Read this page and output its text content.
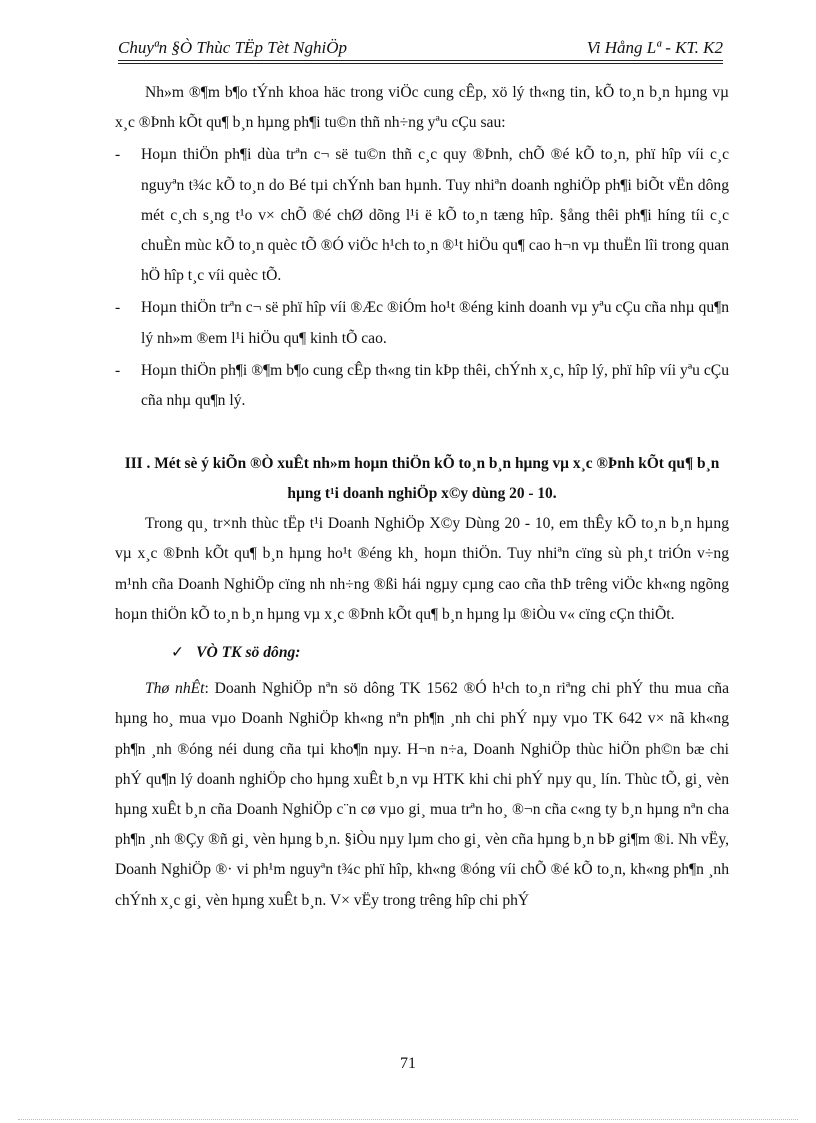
Chuyªn §Ò Thùc TËp Tèt NghiÖp	Vi Hång Lª - KT. K2

Nh»m ®¶m b¶o tÝnh khoa häc trong viÖc cung cÊp, xö lý th«ng tin, kÕ to¸n b¸n hµng vµ x¸c ®Þnh kÕt qu¶ b¸n hµng ph¶i tu©n thñ nh÷ng yªu cÇu sau:

- Hoµn thiÖn ph¶i dùa trªn c¬ së tu©n thñ c¸c quy ®Þnh, chÕ ®é kÕ to¸n, phï hîp víi c¸c nguyªn t¾c kÕ to¸n do Bé tµi chÝnh ban hµnh. Tuy nhiªn doanh nghiÖp ph¶i biÕt vËn dông mét c¸ch s¸ng t¹o v× chÕ ®é chØ dõng l¹i ë kÕ to¸n tæng hîp. §ång thêi ph¶i híng tíi c¸c chuÈn mùc kÕ to¸n quèc tÕ ®Ó viÖc h¹ch to¸n ®¹t hiÖu qu¶ cao h¬n vµ thuËn lîi trong quan hÖ hîp t¸c víi quèc tÕ.

- Hoµn thiÖn trªn c¬ së phï hîp víi ®Æc ®iÓm ho¹t ®éng kinh doanh vµ yªu cÇu cña nhµ qu¶n lý nh»m ®em l¹i hiÖu qu¶ kinh tÕ cao.

- Hoµn thiÖn ph¶i ®¶m b¶o cung cÊp th«ng tin kÞp thêi, chÝnh x¸c, hîp lý, phï hîp víi yªu cÇu cña nhµ qu¶n lý.

III . Mét sè ý kiÕn ®Ò xuÊt nh»m hoµn thiÖn kÕ to¸n b¸n hµng vµ x¸c ®Þnh kÕt qu¶ b¸n hµng t¹i doanh nghiÖp x©y dùng 20 - 10.

Trong qu¸ tr×nh thùc tËp t¹i Doanh NghiÖp X©y Dùng 20 - 10, em thÊy kÕ to¸n b¸n hµng vµ x¸c ®Þnh kÕt qu¶ b¸n hµng ho¹t ®éng kh¸ hoµn thiÖn. Tuy nhiªn cïng sù ph¸t triÓn v÷ng m¹nh cña Doanh NghiÖp cïng nh nh÷ng ®ßi hái ngµy cµng cao cña thÞ trêng viÖc kh«ng ngõng hoµn thiÖn kÕ to¸n b¸n hµng vµ x¸c ®Þnh kÕt qu¶ b¸n hµng lµ ®iÒu v« cïng cÇn thiÕt.

✓ VÒ TK sö dông:

Thø nhÊt: Doanh NghiÖp nªn sö dông TK 1562 ®Ó h¹ch to¸n riªng chi phÝ thu mua cña hµng ho¸ mua vµo Doanh NghiÖp kh«ng nªn ph¶n ¸nh chi phÝ nµy vµo TK 642 v× nã kh«ng ph¶n ¸nh ®óng néi dung cña tµi kho¶n nµy. H¬n n÷a, Doanh NghiÖp thùc hiÖn ph©n bæ chi phÝ qu¶n lý doanh nghiÖp cho hµng xuÊt b¸n vµ HTK khi chi phÝ nµy qu¸ lín. Thùc tÕ, gi¸ vèn hµng xuÊt b¸n cña Doanh NghiÖp c¨n cø vµo gi¸ mua trªn ho¸ ®¬n cña c«ng ty b¸n hµng nªn cha ph¶n ¸nh ®Çy ®ñ gi¸ vèn hµng b¸n. §iÒu nµy lµm cho gi¸ vèn cña hµng b¸n bÞ gi¶m ®i. Nh vËy, Doanh NghiÖp ®· vi ph¹m nguyªn t¾c phï hîp, kh«ng ®óng víi chÕ ®é kÕ to¸n, kh«ng ph¶n ¸nh chÝnh x¸c gi¸ vèn hµng xuÊt b¸n. V× vËy trong trêng hîp chi phÝ

71
